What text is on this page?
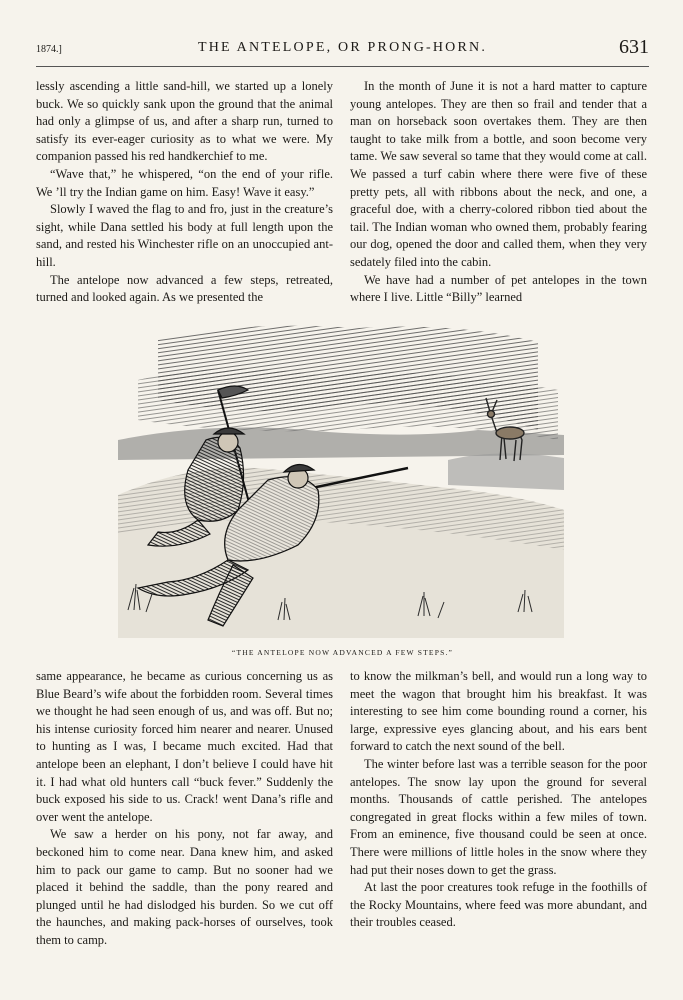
1874.]	THE ANTELOPE, OR PRONG-HORN.	631

lessly ascending a little sand-hill, we started up a lonely buck. We so quickly sank upon the ground that the animal had only a glimpse of us, and after a sharp run, turned to satisfy its ever-eager curiosity as to what we were. My companion passed his red handkerchief to me.

“Wave that,” he whispered, “on the end of your rifle. We ’ll try the Indian game on him. Easy! Wave it easy.”

Slowly I waved the flag to and fro, just in the creature’s sight, while Dana settled his body at full length upon the sand, and rested his Winchester rifle on an unoccupied ant-hill.

The antelope now advanced a few steps, retreated, turned and looked again. As we presented the

In the month of June it is not a hard matter to capture young antelopes. They are then so frail and tender that a man on horseback soon overtakes them. They are then taught to take milk from a bottle, and soon become very tame. We saw several so tame that they would come at call. We passed a turf cabin where there were five of these pretty pets, all with ribbons about the neck, and one, a graceful doe, with a cherry-colored ribbon tied about the tail. The Indian woman who owned them, probably fearing our dog, opened the door and called them, when they very sedately filed into the cabin.

We have had a number of pet antelopes in the town where I live. Little “Billy” learned

“THE ANTELOPE NOW ADVANCED A FEW STEPS.”

same appearance, he became as curious concerning us as Blue Beard’s wife about the forbidden room. Several times we thought he had seen enough of us, and was off. But no; his intense curiosity forced him nearer and nearer. Unused to hunting as I was, I became much excited. Had that antelope been an elephant, I don’t believe I could have hit it. I had what old hunters call “buck fever.” Suddenly the buck exposed his side to us. Crack! went Dana’s rifle and over went the antelope.

We saw a herder on his pony, not far away, and beckoned him to come near. Dana knew him, and asked him to pack our game to camp. But no sooner had we placed it behind the saddle, than the pony reared and plunged until he had dislodged his burden. So we cut off the haunches, and making pack-horses of ourselves, took them to camp.

to know the milkman’s bell, and would run a long way to meet the wagon that brought him his breakfast. It was interesting to see him come bounding round a corner, his large, expressive eyes glancing about, and his ears bent forward to catch the next sound of the bell.

The winter before last was a terrible season for the poor antelopes. The snow lay upon the ground for several months. Thousands of cattle perished. The antelopes congregated in great flocks within a few miles of town. From an eminence, five thousand could be seen at once. There were millions of little holes in the snow where they had put their noses down to get the grass.

At last the poor creatures took refuge in the foothills of the Rocky Mountains, where feed was more abundant, and their troubles ceased.
